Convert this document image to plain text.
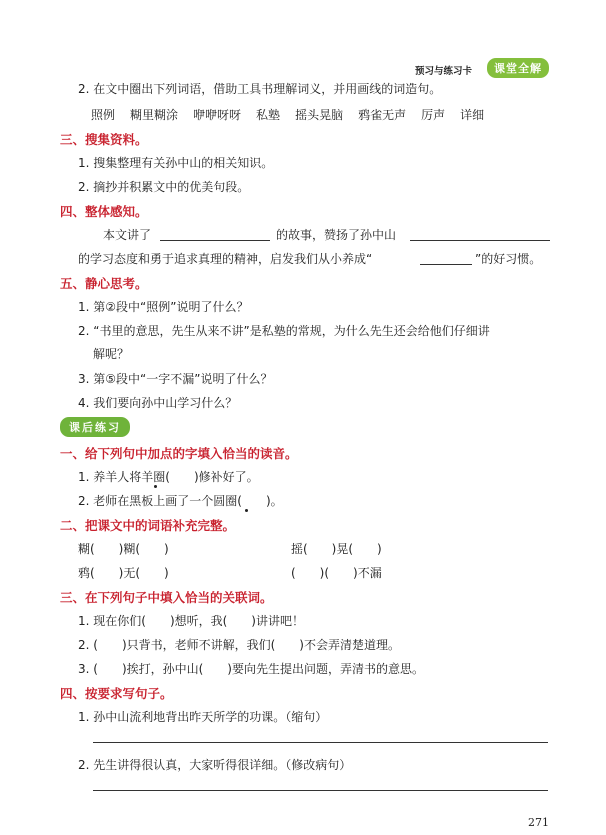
预习与练习卡	课堂全解
2. 在文中圈出下列词语，借助工具书理解词义，并用画线的词造句。
照例 糊里糊涂 咿咿呀呀 私塾 摇头晃脑 鸦雀无声 厉声 详细
三、搜集资料。
1. 搜集整理有关孙中山的相关知识。
2. 摘抄并积累文中的优美句段。
四、整体感知。
本文讲了	的故事，赞扬了孙中山
的学习态度和勇于追求真理的精神，启发我们从小养成“	”的好习惯。
五、静心思考。
1. 第②段中“照例”说明了什么？
2. “书里的意思，先生从来不讲”是私塾的常规，为什么先生还会给他们仔细讲
解呢？
3. 第⑤段中“一字不漏”说明了什么？
4. 我们要向孙中山学习什么？
课后练习
一、给下列句中加点的字填入恰当的读音。
1. 养羊人将羊圈(　　)修补好了。
2. 老师在黑板上画了一个圆圈(　　)。
二、把课文中的词语补充完整。
糊(　　)糊(　　)	摇(　　)晃(　　)
鸦(　　)无(　　)	(　　)(　　)不漏
三、在下列句子中填入恰当的关联词。
1. 现在你们(　　)想听，我(　　)讲讲吧！
2. (　　)只背书，老师不讲解，我们(　　)不会弄清楚道理。
3. (　　)挨打，孙中山(　　)要向先生提出问题，弄清书的意思。
四、按要求写句子。
1. 孙中山流利地背出昨天所学的功课。（缩句）
2. 先生讲得很认真，大家听得很详细。（修改病句）
271
